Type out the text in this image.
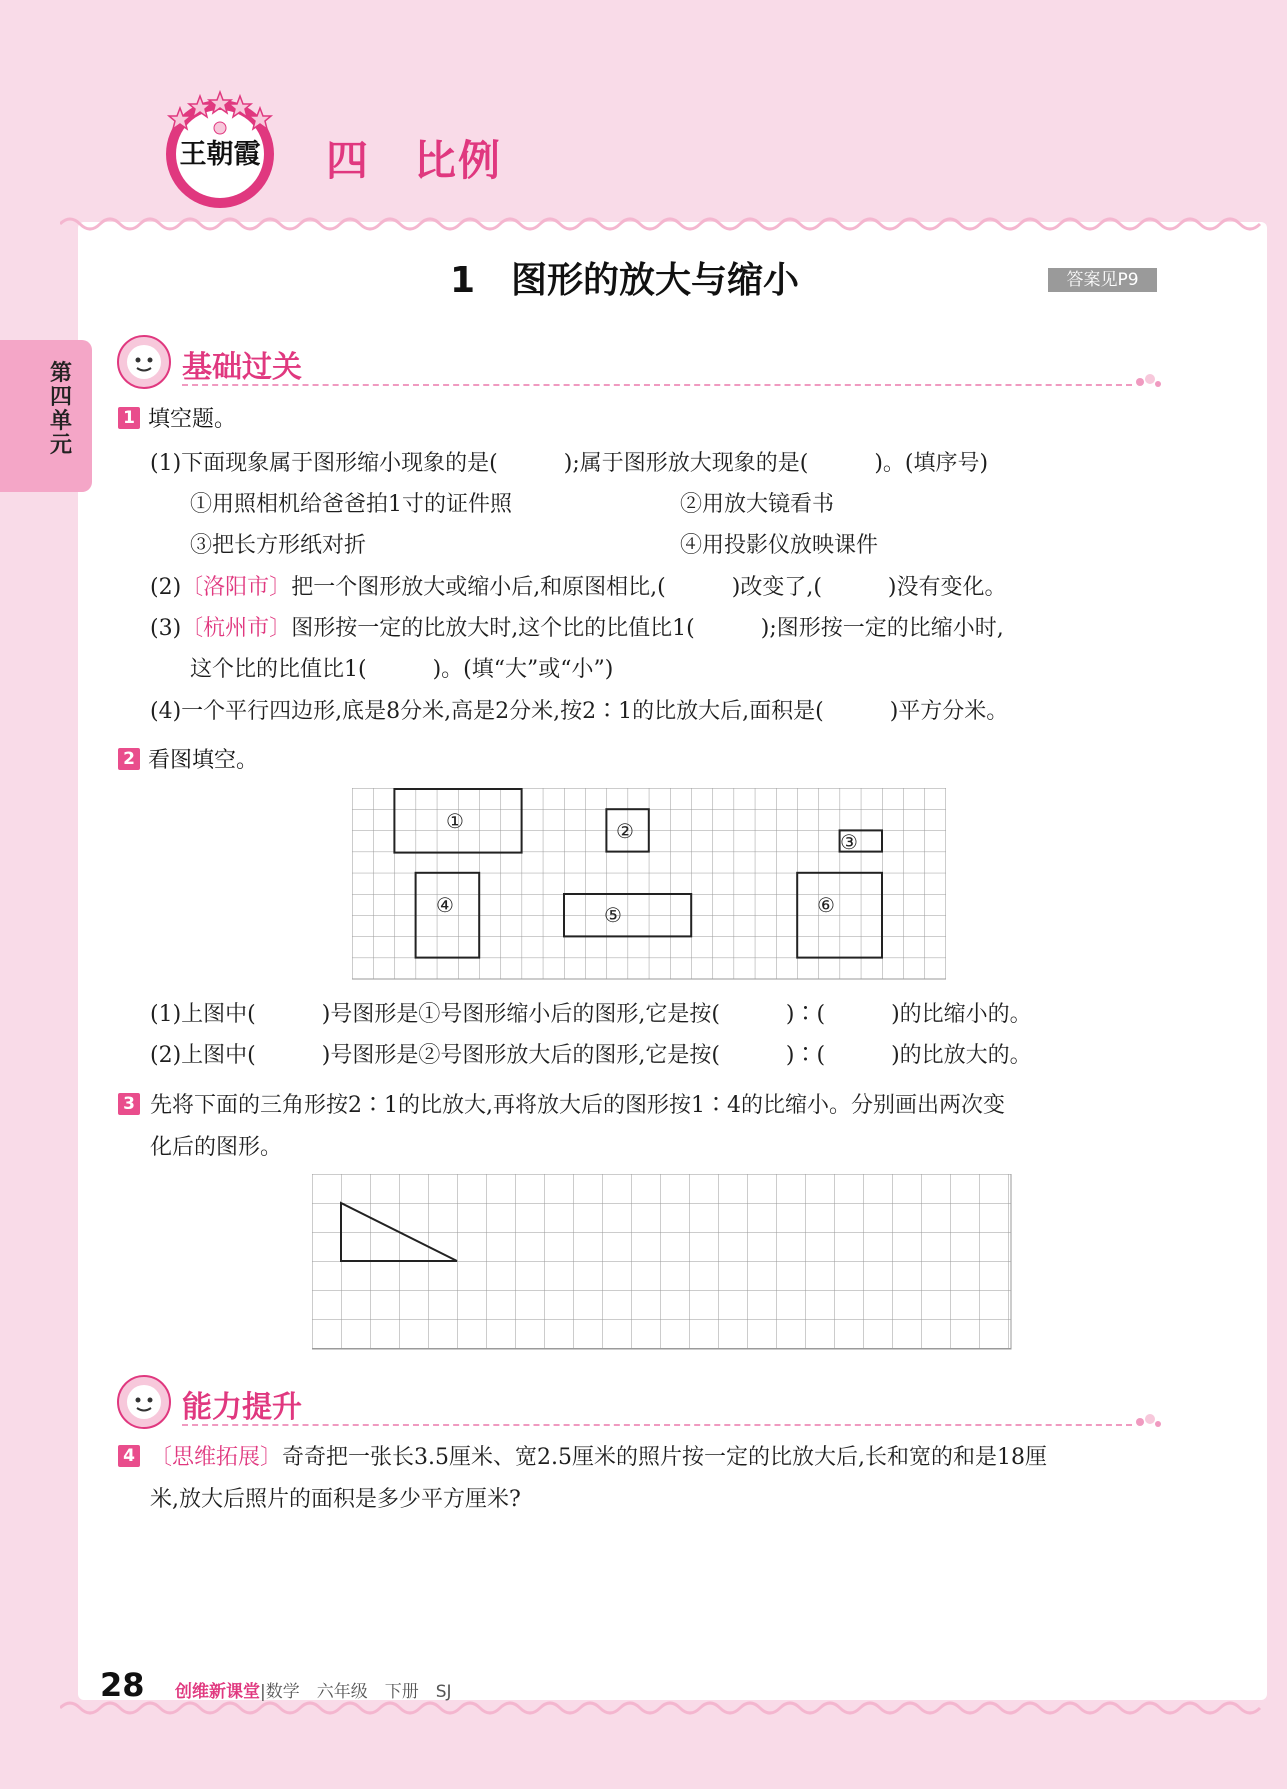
王朝霞 四　比例
第四单元
1　图形的放大与缩小	答案见P9
基础过关
1 填空题。
(1)下面现象属于图形缩小现象的是(　　　);属于图形放大现象的是(　　　)。(填序号)
①用照相机给爸爸拍1寸的证件照	②用放大镜看书
③把长方形纸对折	④用投影仪放映课件
(2)〔洛阳市〕把一个图形放大或缩小后,和原图相比,(　　　)改变了,(　　　)没有变化。
(3)〔杭州市〕图形按一定的比放大时,这个比的比值比1(　　　);图形按一定的比缩小时,
这个比的比值比1(　　　)。(填“大”或“小”)
(4)一个平行四边形,底是8分米,高是2分米,按2∶1的比放大后,面积是(　　　)平方分米。
2 看图填空。
①	②	③
④	⑤	⑥
(1)上图中(　　　)号图形是①号图形缩小后的图形,它是按(　　　)∶(　　　)的比缩小的。
(2)上图中(　　　)号图形是②号图形放大后的图形,它是按(　　　)∶(　　　)的比放大的。
3 先将下面的三角形按2∶1的比放大,再将放大后的图形按1∶4的比缩小。分别画出两次变
化后的图形。
能力提升
4 〔思维拓展〕奇奇把一张长3.5厘米、宽2.5厘米的照片按一定的比放大后,长和宽的和是18厘
米,放大后照片的面积是多少平方厘米?
28 创维新课堂|数学　六年级　下册　SJ
